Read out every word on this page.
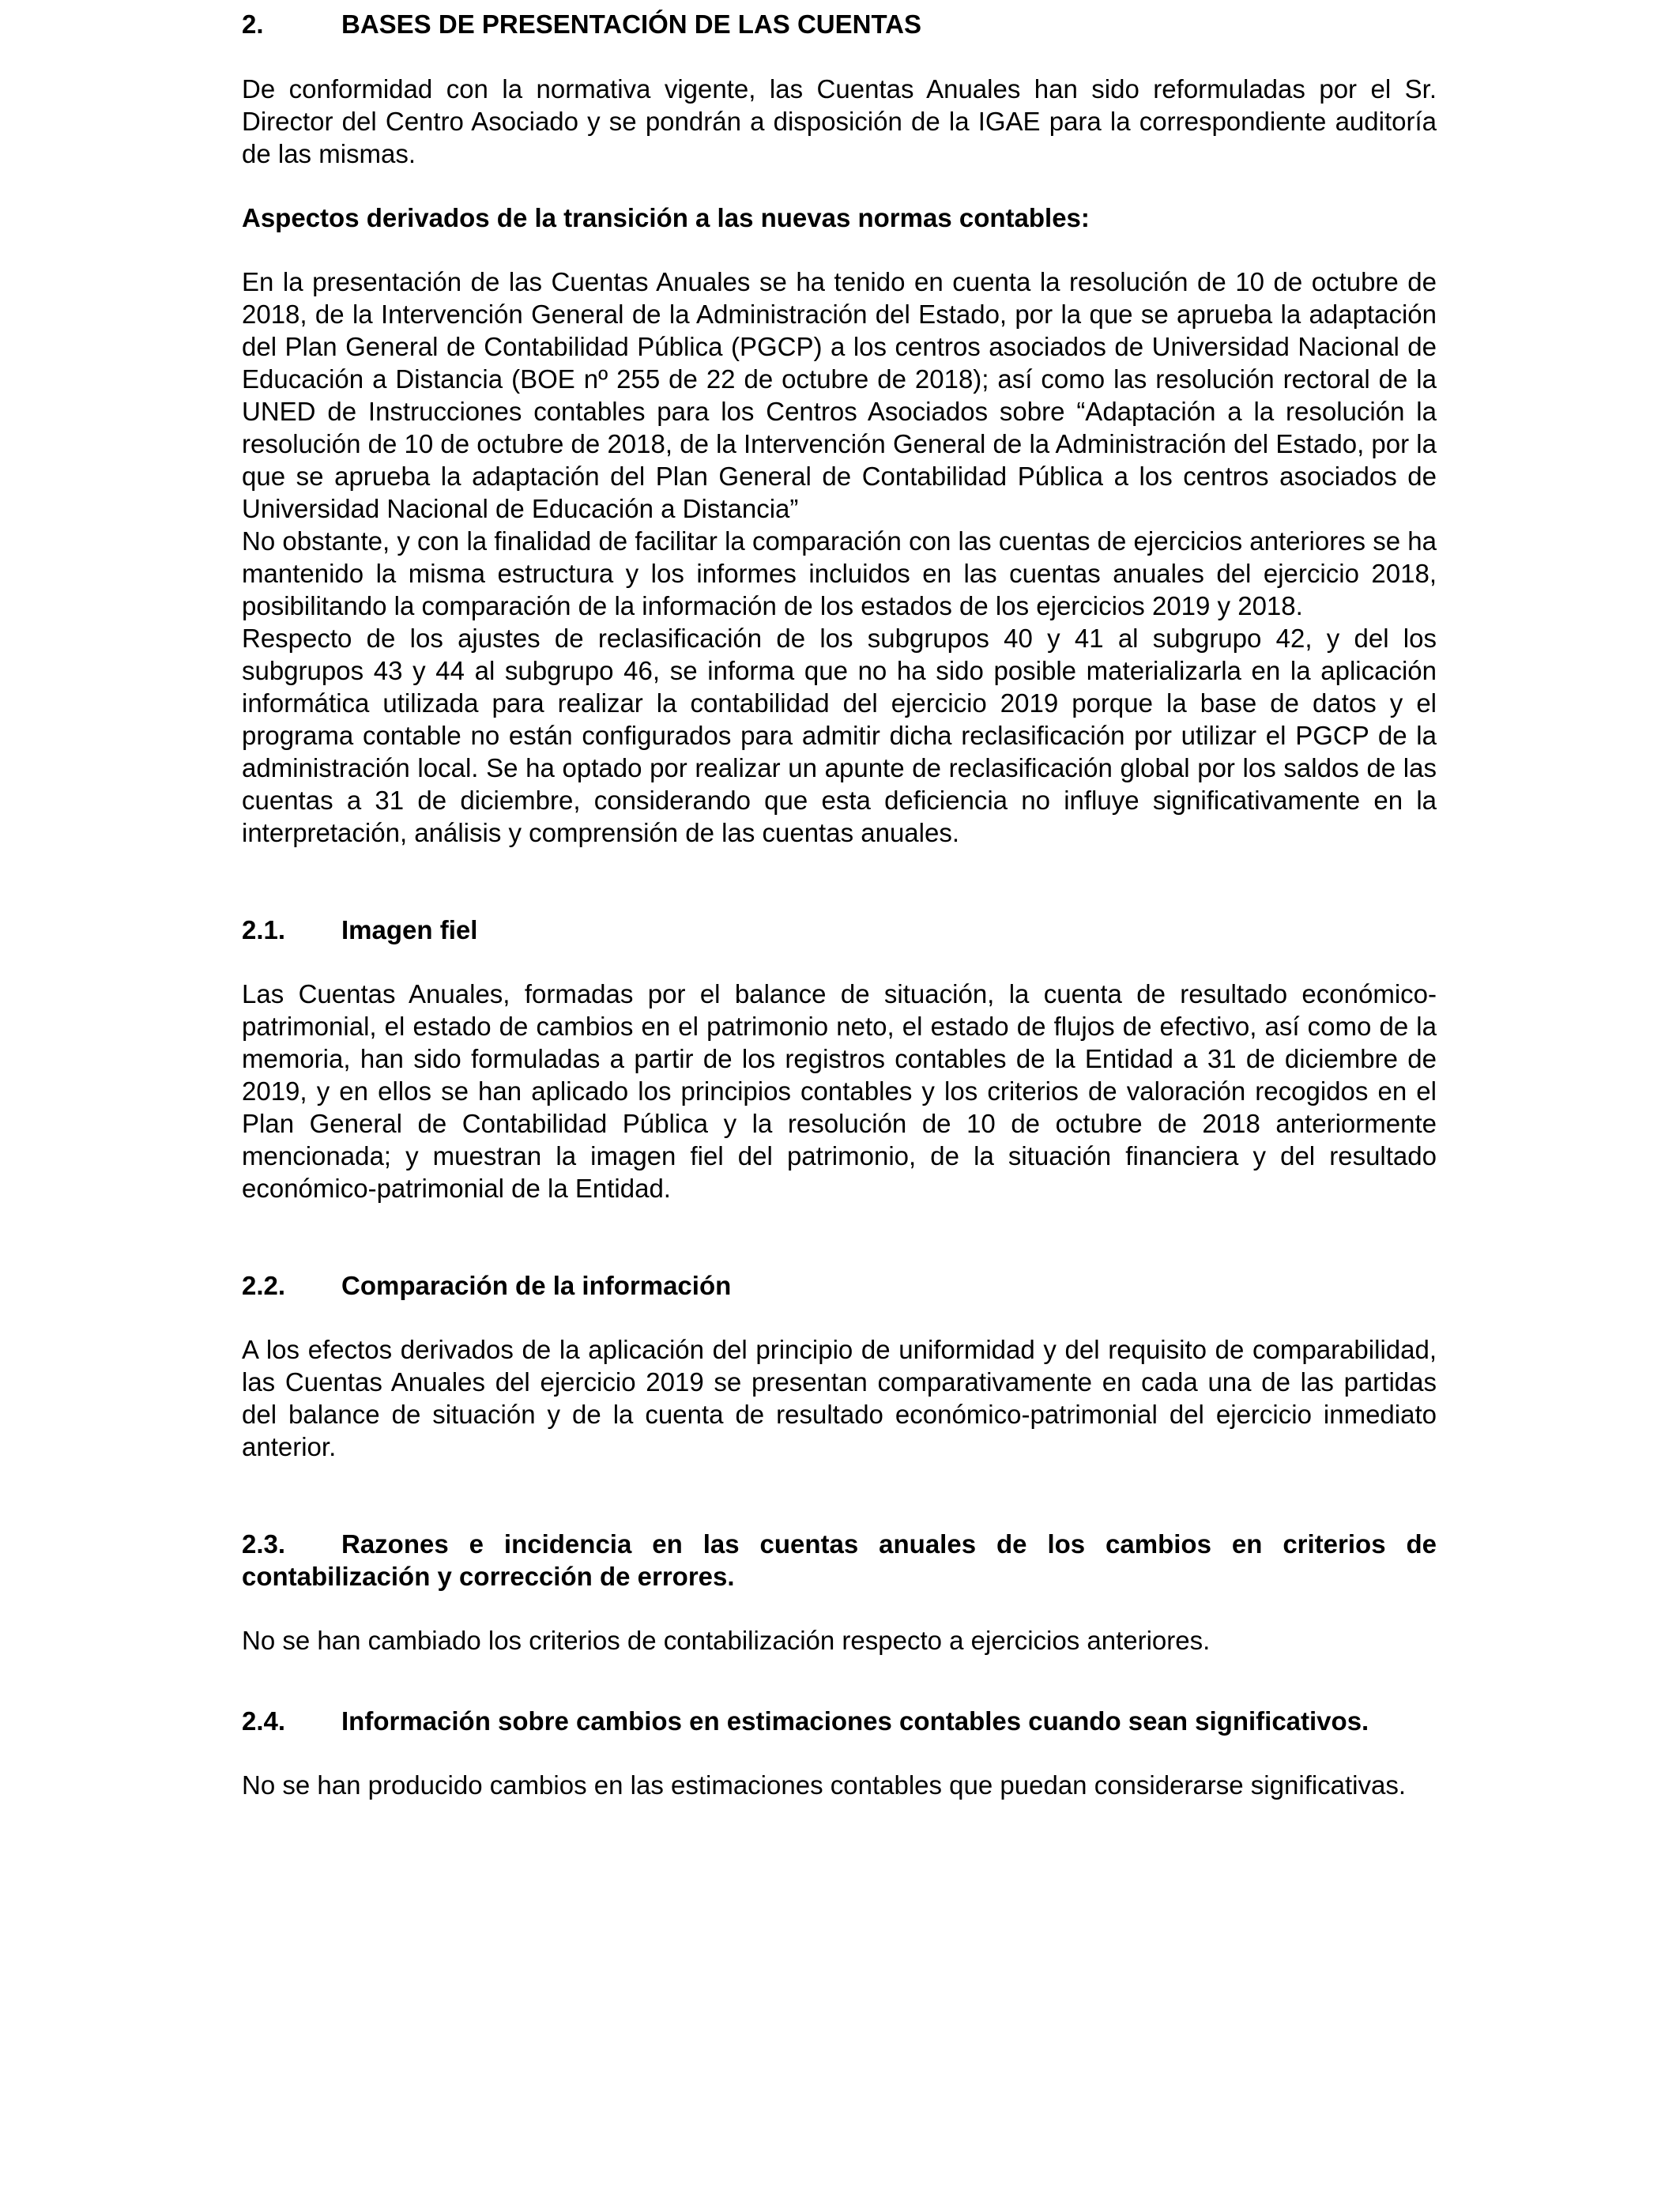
2.	BASES DE PRESENTACIÓN DE LAS CUENTAS

De conformidad con la normativa vigente, las Cuentas Anuales han sido reformuladas por el Sr. Director del Centro Asociado y se pondrán a disposición de la IGAE para la correspondiente auditoría de las mismas.

Aspectos derivados de la transición a las nuevas normas contables:

En la presentación de las Cuentas Anuales se ha tenido en cuenta la resolución de 10 de octubre de 2018, de la Intervención General de la Administración del Estado, por la que se aprueba la adaptación del Plan General de Contabilidad Pública (PGCP) a los centros asociados de Universidad Nacional de Educación a Distancia (BOE nº 255 de 22 de octubre de 2018); así como las resolución rectoral de la UNED de Instrucciones contables para los Centros Asociados sobre “Adaptación a la resolución la resolución de 10 de octubre de 2018, de la Intervención General de la Administración del Estado, por la que se aprueba la adaptación del Plan General de Contabilidad Pública a los centros asociados de Universidad Nacional de Educación a Distancia”

No obstante, y con la finalidad de facilitar la comparación con las cuentas de ejercicios anteriores se ha mantenido la misma estructura y los informes incluidos en las cuentas anuales del ejercicio 2018, posibilitando la comparación de la información de los estados de los ejercicios 2019 y 2018.

Respecto de los ajustes de reclasificación de los subgrupos 40 y 41 al subgrupo 42, y del los subgrupos 43 y 44 al subgrupo 46, se informa que no ha sido posible materializarla en la aplicación informática utilizada para realizar la contabilidad del ejercicio 2019 porque la base de datos y el programa contable no están configurados para admitir dicha reclasificación por utilizar el PGCP de la administración local. Se ha optado por realizar un apunte de reclasificación global por los saldos de las cuentas a 31 de diciembre, considerando que esta deficiencia no influye significativamente en la interpretación, análisis y comprensión de las cuentas anuales.

2.1.	Imagen fiel

Las Cuentas Anuales, formadas por el balance de situación, la cuenta de resultado económico-patrimonial, el estado de cambios en el patrimonio neto, el estado de flujos de efectivo, así como de la memoria, han sido formuladas a partir de los registros contables de la Entidad a 31 de diciembre de 2019, y en ellos se han aplicado los principios contables y los criterios de valoración recogidos en el Plan General de Contabilidad Pública y la resolución de 10 de octubre de 2018 anteriormente mencionada; y muestran la imagen fiel del patrimonio, de la situación financiera y del resultado económico-patrimonial de la Entidad.

2.2.	Comparación de la información

A los efectos derivados de la aplicación del principio de uniformidad y del requisito de comparabilidad, las Cuentas Anuales del ejercicio 2019 se presentan comparativamente en cada una de las partidas del balance de situación y de la cuenta de resultado económico-patrimonial del ejercicio inmediato anterior.

2.3. Razones e incidencia en las cuentas anuales de los cambios en criterios de contabilización y corrección de errores.

No se han cambiado los criterios de contabilización respecto a ejercicios anteriores.

2.4.	Información sobre cambios en estimaciones contables cuando sean significativos.

No se han producido cambios en las estimaciones contables que puedan considerarse significativas.
